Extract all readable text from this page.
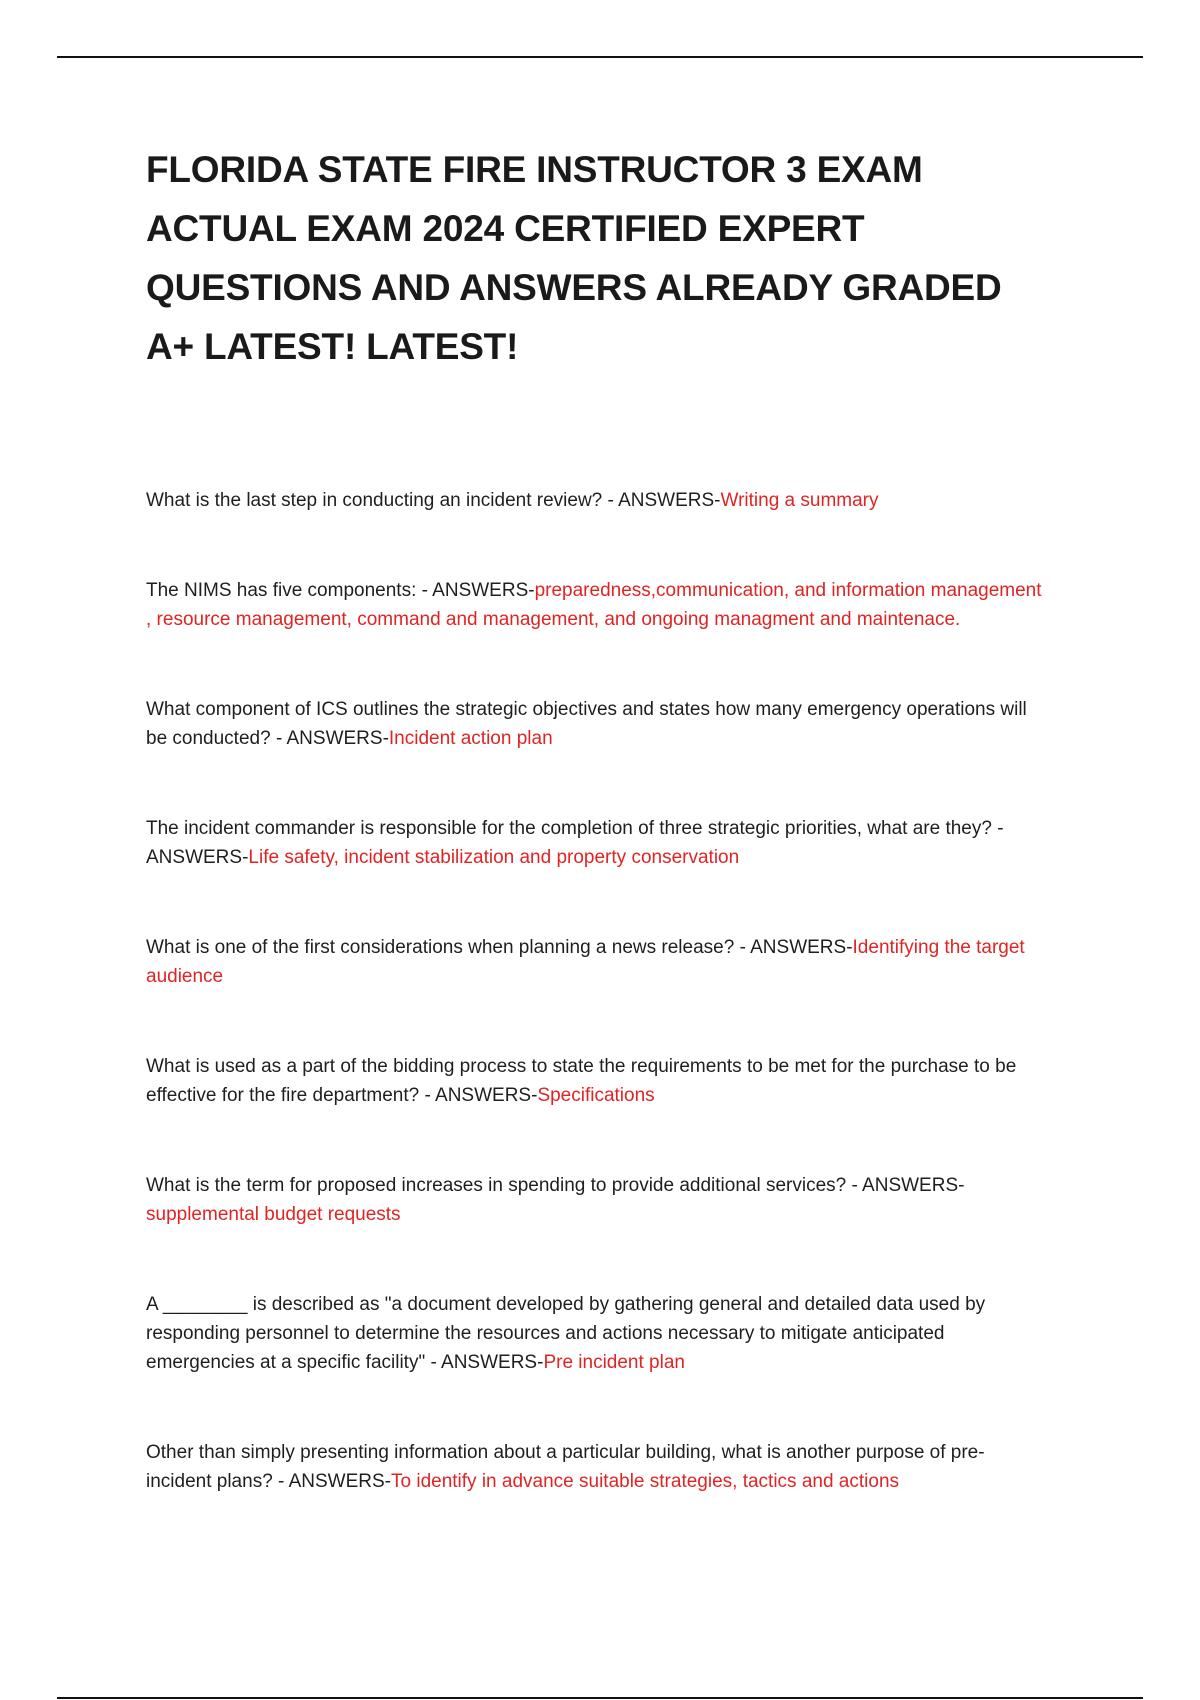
FLORIDA STATE FIRE INSTRUCTOR 3 EXAM ACTUAL EXAM 2024 CERTIFIED EXPERT QUESTIONS AND ANSWERS ALREADY GRADED A+ LATEST! LATEST!

What is the last step in conducting an incident review? - ANSWERS-Writing a summary

The NIMS has five components: - ANSWERS-preparedness,communication, and information management , resource management, command and management, and ongoing managment and maintenace.

What component of ICS outlines the strategic objectives and states how many emergency operations will be conducted? - ANSWERS-Incident action plan

The incident commander is responsible for the completion of three strategic priorities, what are they? - ANSWERS-Life safety, incident stabilization and property conservation

What is one of the first considerations when planning a news release? - ANSWERS-Identifying the target audience

What is used as a part of the bidding process to state the requirements to be met for the purchase to be effective for the fire department? - ANSWERS-Specifications

What is the term for proposed increases in spending to provide additional services? - ANSWERS-supplemental budget requests

A ________ is described as "a document developed by gathering general and detailed data used by responding personnel to determine the resources and actions necessary to mitigate anticipated emergencies at a specific facility" - ANSWERS-Pre incident plan

Other than simply presenting information about a particular building, what is another purpose of pre-incident plans? - ANSWERS-To identify in advance suitable strategies, tactics and actions
